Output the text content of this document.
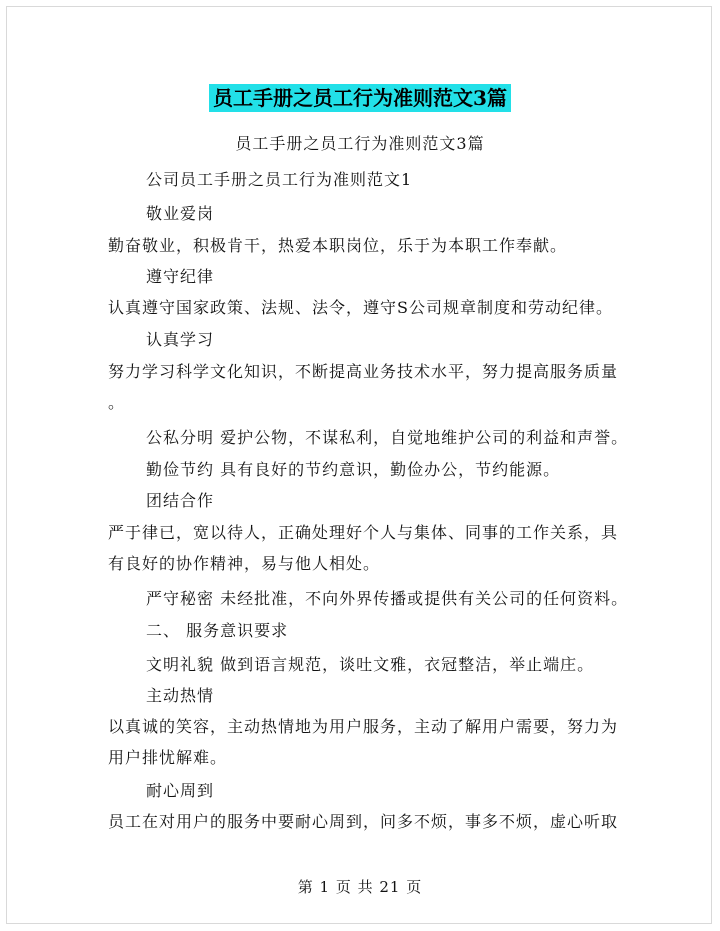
员工手册之员工行为准则范文3篇
员工手册之员工行为准则范文3篇
公司员工手册之员工行为准则范文1
敬业爱岗
勤奋敬业，积极肯干，热爱本职岗位，乐于为本职工作奉献。
遵守纪律
认真遵守国家政策、法规、法令，遵守S公司规章制度和劳动纪律。
认真学习
努力学习科学文化知识，不断提高业务技术水平，努力提高服务质量
。
公私分明 爱护公物，不谋私利，自觉地维护公司的利益和声誉。
勤俭节约 具有良好的节约意识，勤俭办公，节约能源。
团结合作
严于律已，宽以待人，正确处理好个人与集体、同事的工作关系，具
有良好的协作精神，易与他人相处。
严守秘密 未经批准，不向外界传播或提供有关公司的任何资料。
二、 服务意识要求
文明礼貌 做到语言规范，谈吐文雅，衣冠整洁，举止端庄。
主动热情
以真诚的笑容，主动热情地为用户服务，主动了解用户需要，努力为
用户排忧解难。
耐心周到
员工在对用户的服务中要耐心周到，问多不烦，事多不烦，虚心听取
第 1 页 共 21 页
